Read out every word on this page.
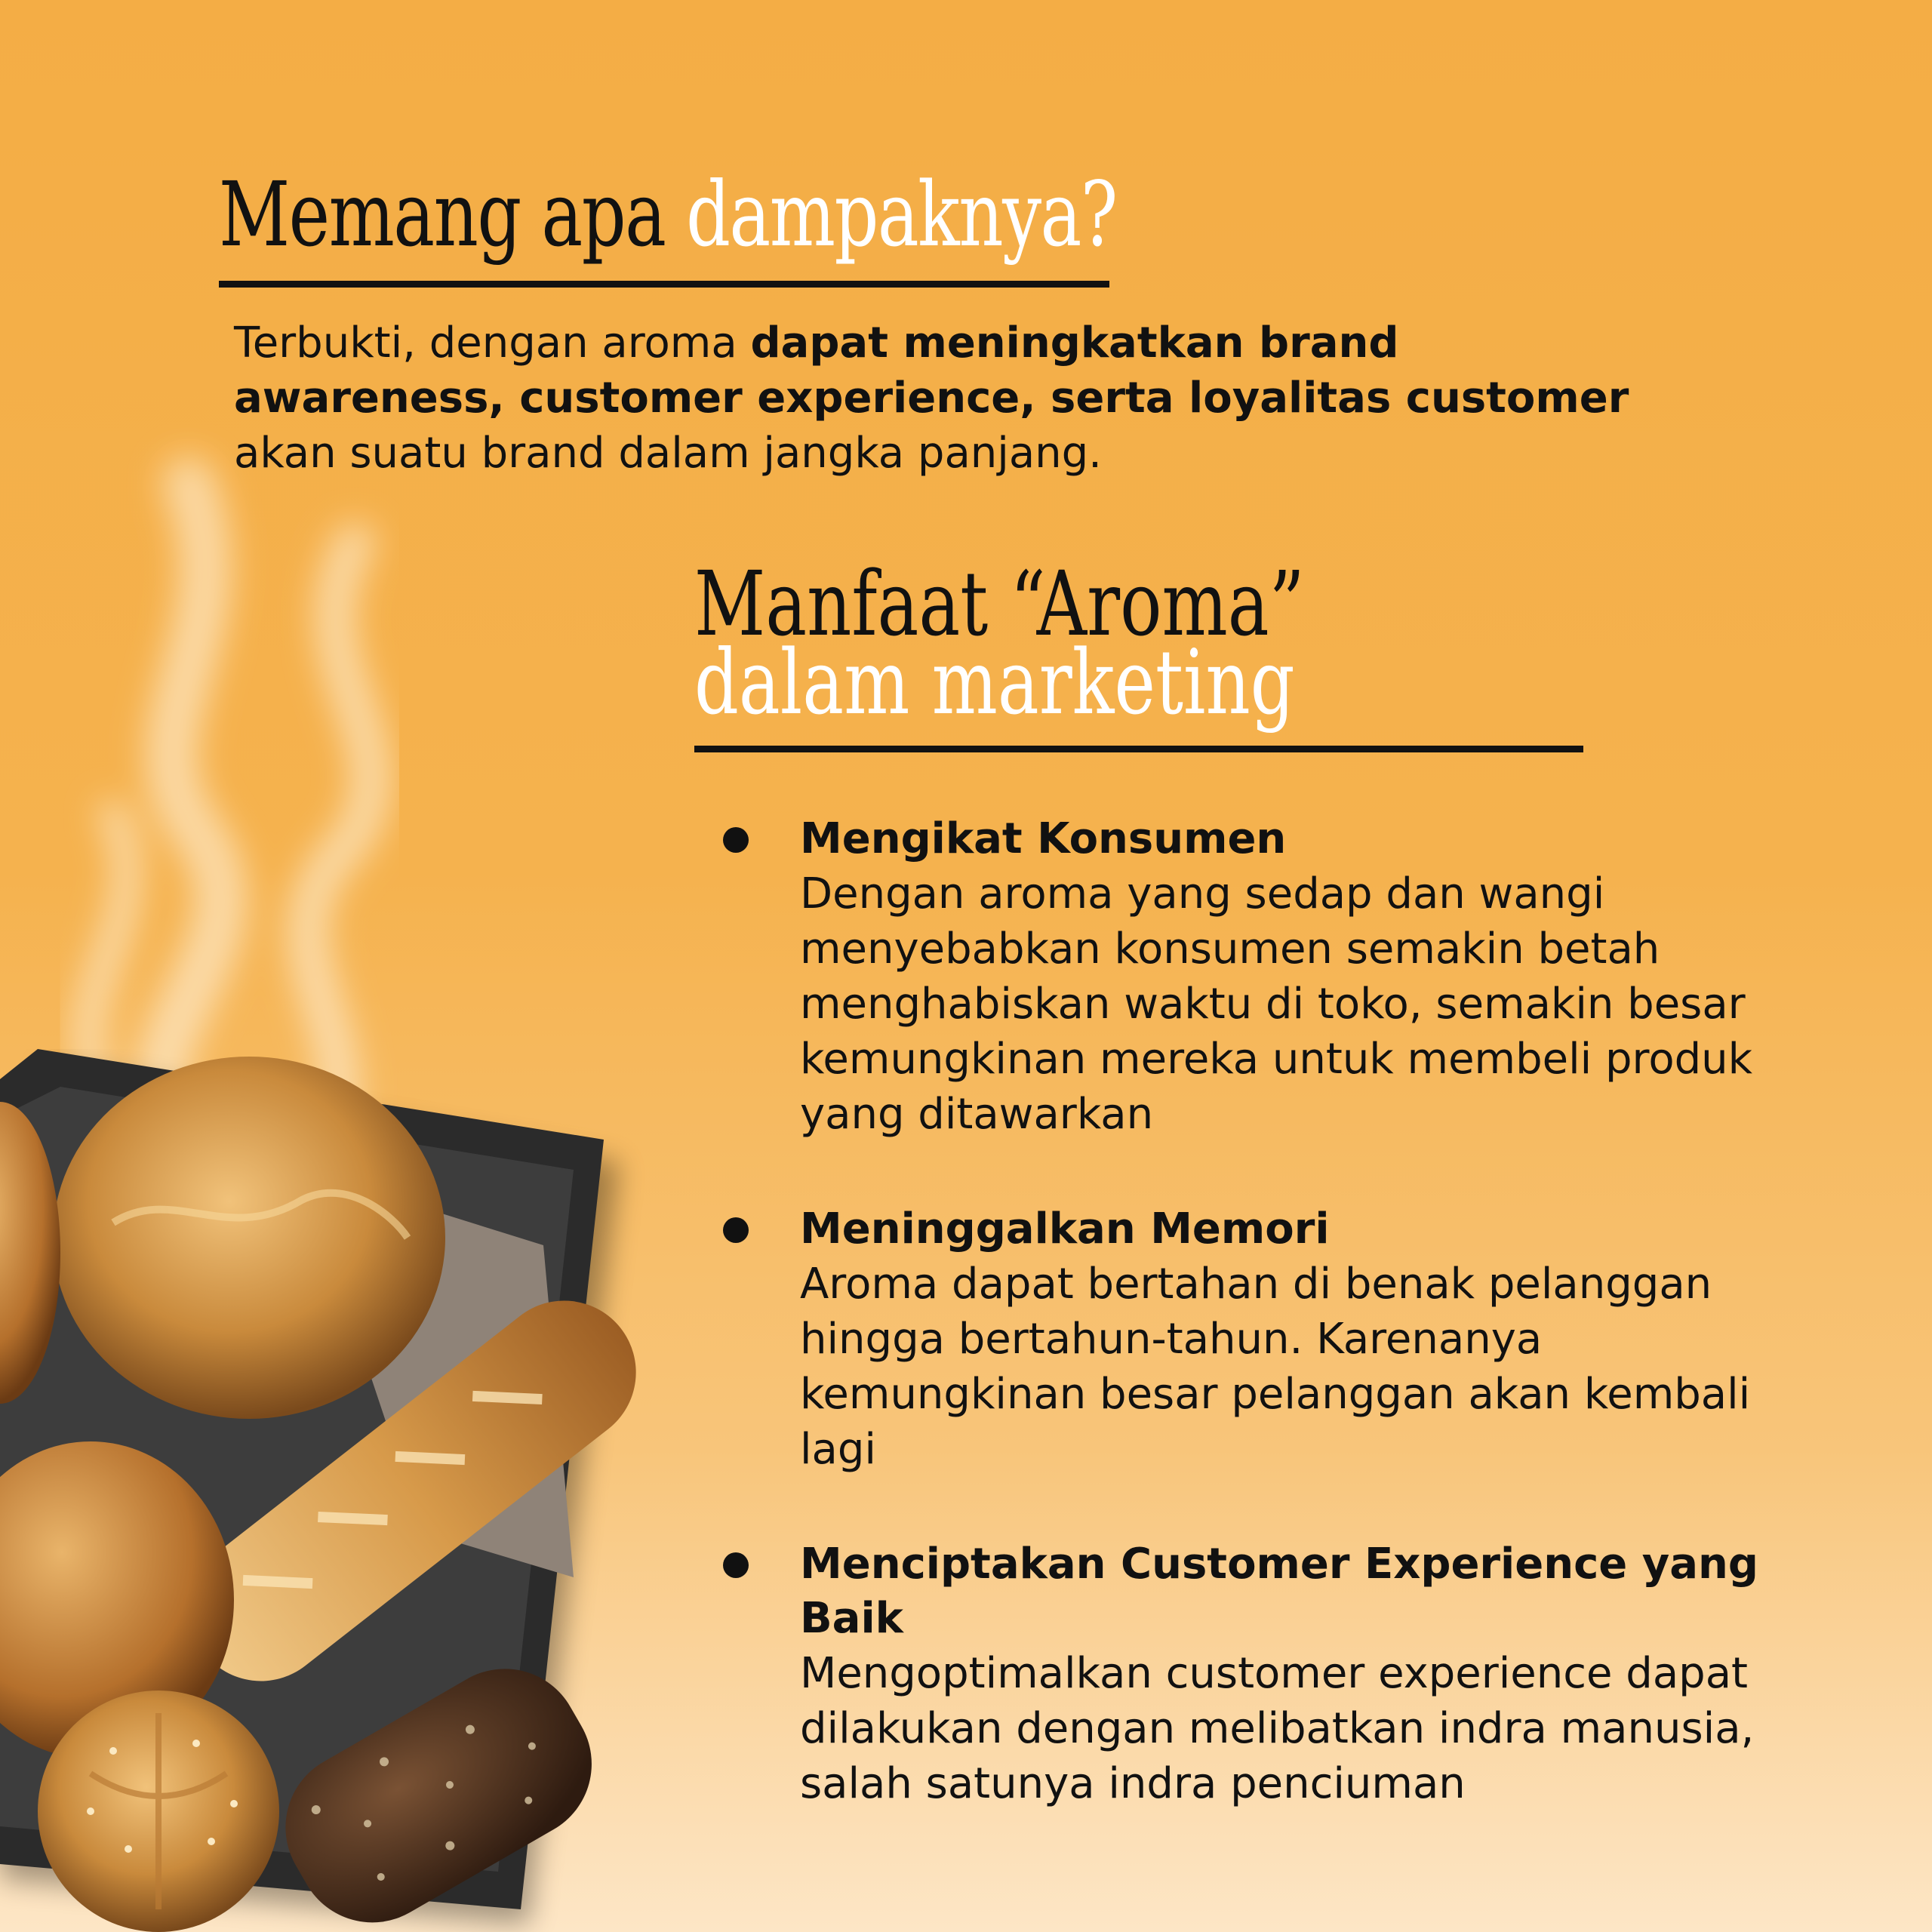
Memang apa dampaknya?
Terbukti, dengan aroma dapat meningkatkan brand awareness, customer experience, serta loyalitas customer akan suatu brand dalam jangka panjang.
Manfaat “Aroma”
dalam marketing
Mengikat Konsumen
Dengan aroma yang sedap dan wangi menyebabkan konsumen semakin betah menghabiskan waktu di toko, semakin besar kemungkinan mereka untuk membeli produk yang ditawarkan
Meninggalkan Memori
Aroma dapat bertahan di benak pelanggan hingga bertahun-tahun. Karenanya kemungkinan besar pelanggan akan kembali lagi
Menciptakan Customer Experience yang Baik
Mengoptimalkan customer experience dapat dilakukan dengan melibatkan indra manusia, salah satunya indra penciuman
